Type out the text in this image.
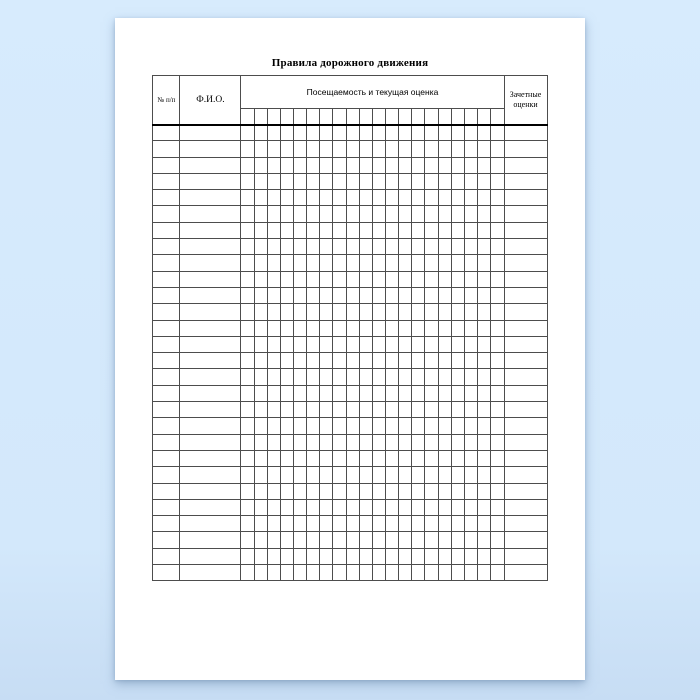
Правила дорожного движения
№ п/п	Ф.И.О.	Посещаемость и текущая оценка																				Зачетные оценки
